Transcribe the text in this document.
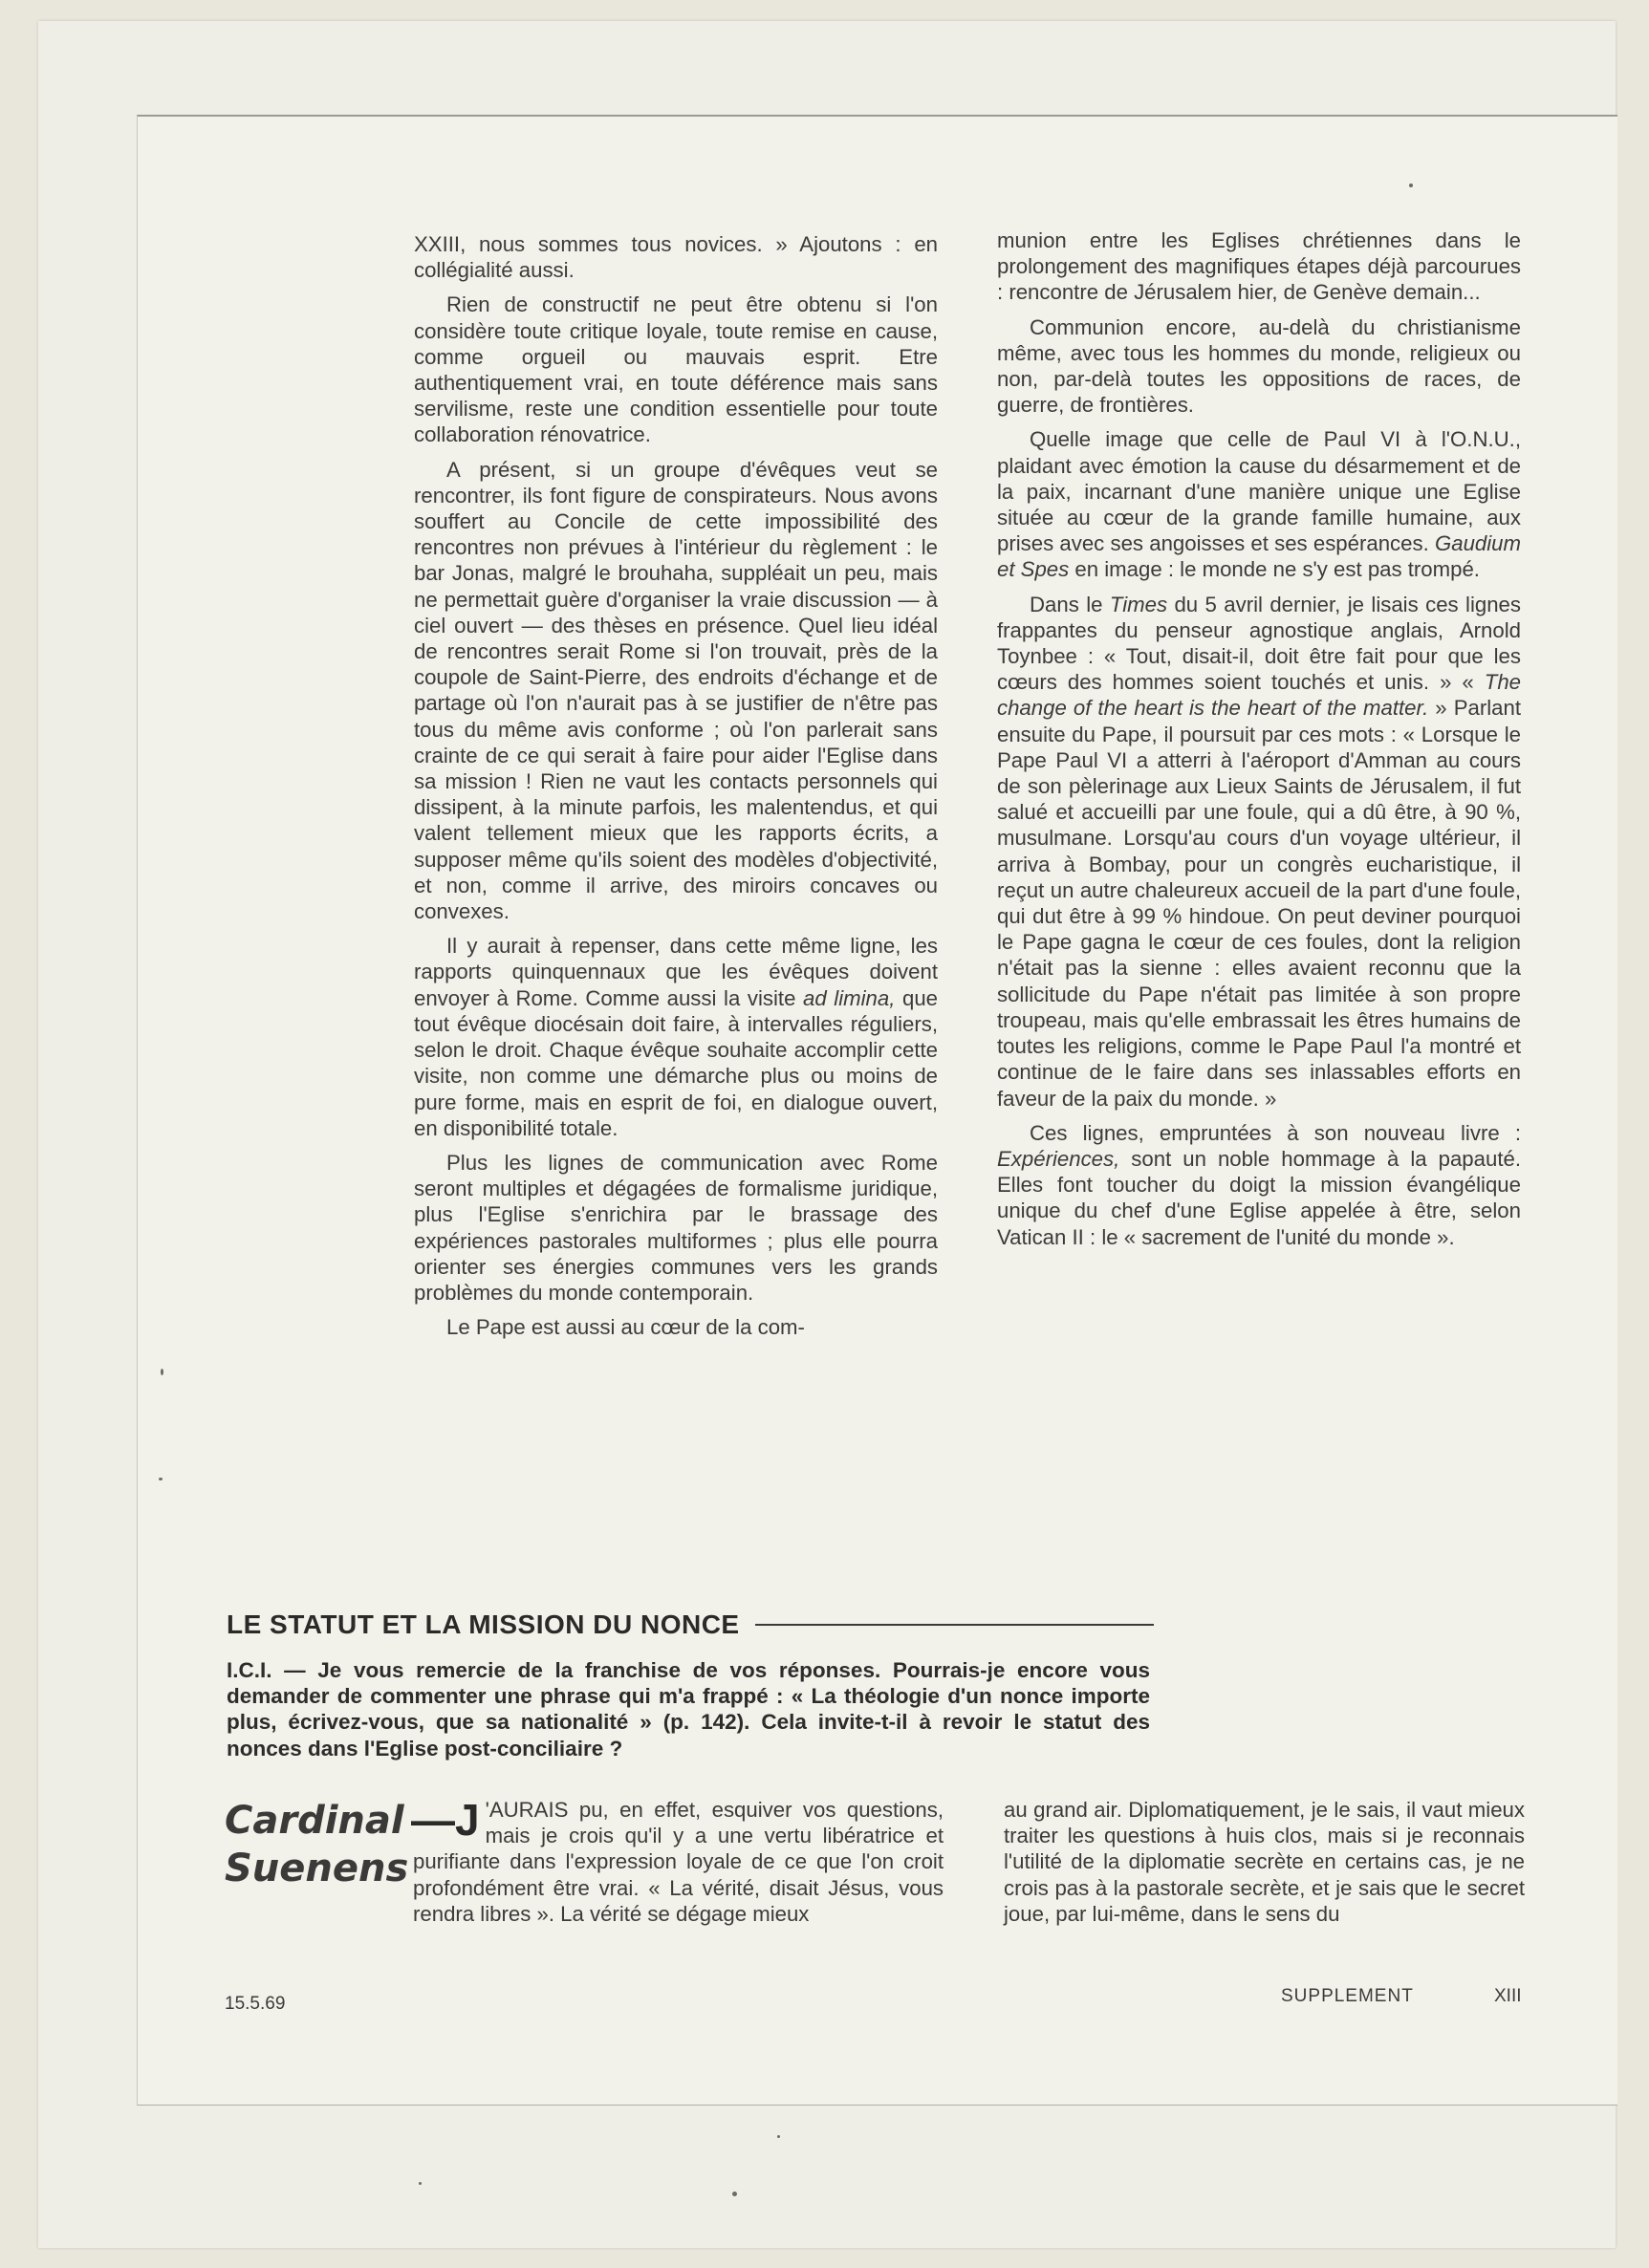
XXIII, nous sommes tous novices. » Ajoutons : en collégialité aussi.

Rien de constructif ne peut être obtenu si l'on considère toute critique loyale, toute remise en cause, comme orgueil ou mauvais esprit. Etre authentiquement vrai, en toute déférence mais sans servilisme, reste une condition essentielle pour toute collaboration rénovatrice.

A présent, si un groupe d'évêques veut se rencontrer, ils font figure de conspirateurs. Nous avons souffert au Concile de cette impossibilité des rencontres non prévues à l'intérieur du règlement : le bar Jonas, malgré le brouhaha, suppléait un peu, mais ne permettait guère d'organiser la vraie discussion — à ciel ouvert — des thèses en présence. Quel lieu idéal de rencontres serait Rome si l'on trouvait, près de la coupole de Saint-Pierre, des endroits d'échange et de partage où l'on n'aurait pas à se justifier de n'être pas tous du même avis conforme ; où l'on parlerait sans crainte de ce qui serait à faire pour aider l'Eglise dans sa mission ! Rien ne vaut les contacts personnels qui dissipent, à la minute parfois, les malentendus, et qui valent tellement mieux que les rapports écrits, a supposer même qu'ils soient des modèles d'objectivité, et non, comme il arrive, des miroirs concaves ou convexes.

Il y aurait à repenser, dans cette même ligne, les rapports quinquennaux que les évêques doivent envoyer à Rome. Comme aussi la visite ad limina, que tout évêque diocésain doit faire, à intervalles réguliers, selon le droit. Chaque évêque souhaite accomplir cette visite, non comme une démarche plus ou moins de pure forme, mais en esprit de foi, en dialogue ouvert, en disponibilité totale.

Plus les lignes de communication avec Rome seront multiples et dégagées de formalisme juridique, plus l'Eglise s'enrichira par le brassage des expériences pastorales multiformes ; plus elle pourra orienter ses énergies communes vers les grands problèmes du monde contemporain.

Le Pape est aussi au cœur de la com-

munion entre les Eglises chrétiennes dans le prolongement des magnifiques étapes déjà parcourues : rencontre de Jérusalem hier, de Genève demain...

Communion encore, au-delà du christianisme même, avec tous les hommes du monde, religieux ou non, par-delà toutes les oppositions de races, de guerre, de frontières.

Quelle image que celle de Paul VI à l'O.N.U., plaidant avec émotion la cause du désarmement et de la paix, incarnant d'une manière unique une Eglise située au cœur de la grande famille humaine, aux prises avec ses angoisses et ses espérances. Gaudium et Spes en image : le monde ne s'y est pas trompé.

Dans le Times du 5 avril dernier, je lisais ces lignes frappantes du penseur agnostique anglais, Arnold Toynbee : « Tout, disait-il, doit être fait pour que les cœurs des hommes soient touchés et unis. » « The change of the heart is the heart of the matter. » Parlant ensuite du Pape, il poursuit par ces mots : « Lorsque le Pape Paul VI a atterri à l'aéroport d'Amman au cours de son pèlerinage aux Lieux Saints de Jérusalem, il fut salué et accueilli par une foule, qui a dû être, à 90 %, musulmane. Lorsqu'au cours d'un voyage ultérieur, il arriva à Bombay, pour un congrès eucharistique, il reçut un autre chaleureux accueil de la part d'une foule, qui dut être à 99 % hindoue. On peut deviner pourquoi le Pape gagna le cœur de ces foules, dont la religion n'était pas la sienne : elles avaient reconnu que la sollicitude du Pape n'était pas limitée à son propre troupeau, mais qu'elle embrassait les êtres humains de toutes les religions, comme le Pape Paul l'a montré et continue de le faire dans ses inlassables efforts en faveur de la paix du monde. »

Ces lignes, empruntées à son nouveau livre : Expériences, sont un noble hommage à la papauté. Elles font toucher du doigt la mission évangélique unique du chef d'une Eglise appelée à être, selon Vatican II : le « sacrement de l'unité du monde ».

LE STATUT ET LA MISSION DU NONCE
I.C.I. — Je vous remercie de la franchise de vos réponses. Pourrais-je encore vous demander de commenter une phrase qui m'a frappé : « La théologie d'un nonce importe plus, écrivez-vous, que sa nationalité » (p. 142). Cela invite-t-il à revoir le statut des nonces dans l'Eglise post-conciliaire ?
Cardinal
Suenens
—J 'AURAIS pu, en effet, esquiver vos questions, mais je crois qu'il y a une vertu libératrice et purifiante dans l'expression loyale de ce que l'on croit profondément être vrai. « La vérité, disait Jésus, vous rendra libres ». La vérité se dégage mieux
au grand air. Diplomatiquement, je le sais, il vaut mieux traiter les questions à huis clos, mais si je reconnais l'utilité de la diplomatie secrète en certains cas, je ne crois pas à la pastorale secrète, et je sais que le secret joue, par lui-même, dans le sens du
15.5.69	SUPPLEMENT	XIII
